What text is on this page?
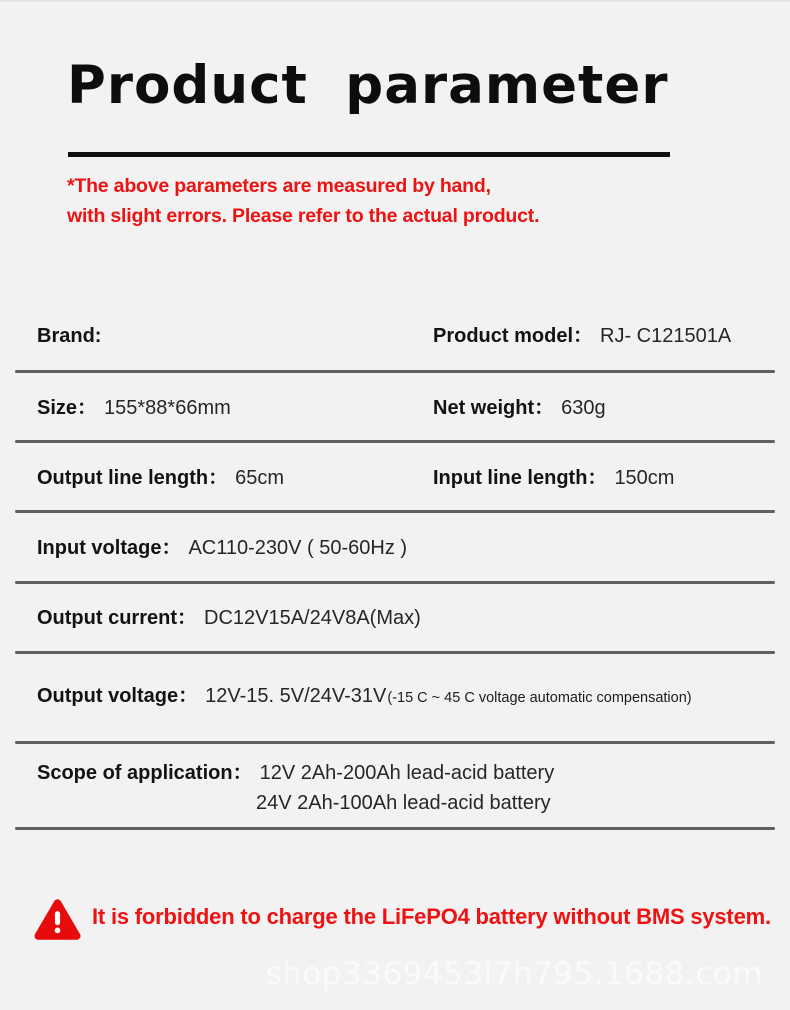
Product parameter
*The above parameters are measured by hand,
with slight errors. Please refer to the actual product.
Brand:	Product model： RJ- C121501A
Size： 155*88*66mm	Net weight： 630g
Output line length： 65cm	Input line length： 150cm
Input voltage： AC110-230V ( 50-60Hz )
Output current： DC12V15A/24V8A(Max)
Output voltage： 12V-15. 5V/24V-31V(-15 C ~ 45 C voltage automatic compensation)
Scope of application： 12V 2Ah-200Ah lead-acid battery
24V 2Ah-100Ah lead-acid battery
It is forbidden to charge the LiFePO4 battery without BMS system.
shop3369453l7h795.1688.com
